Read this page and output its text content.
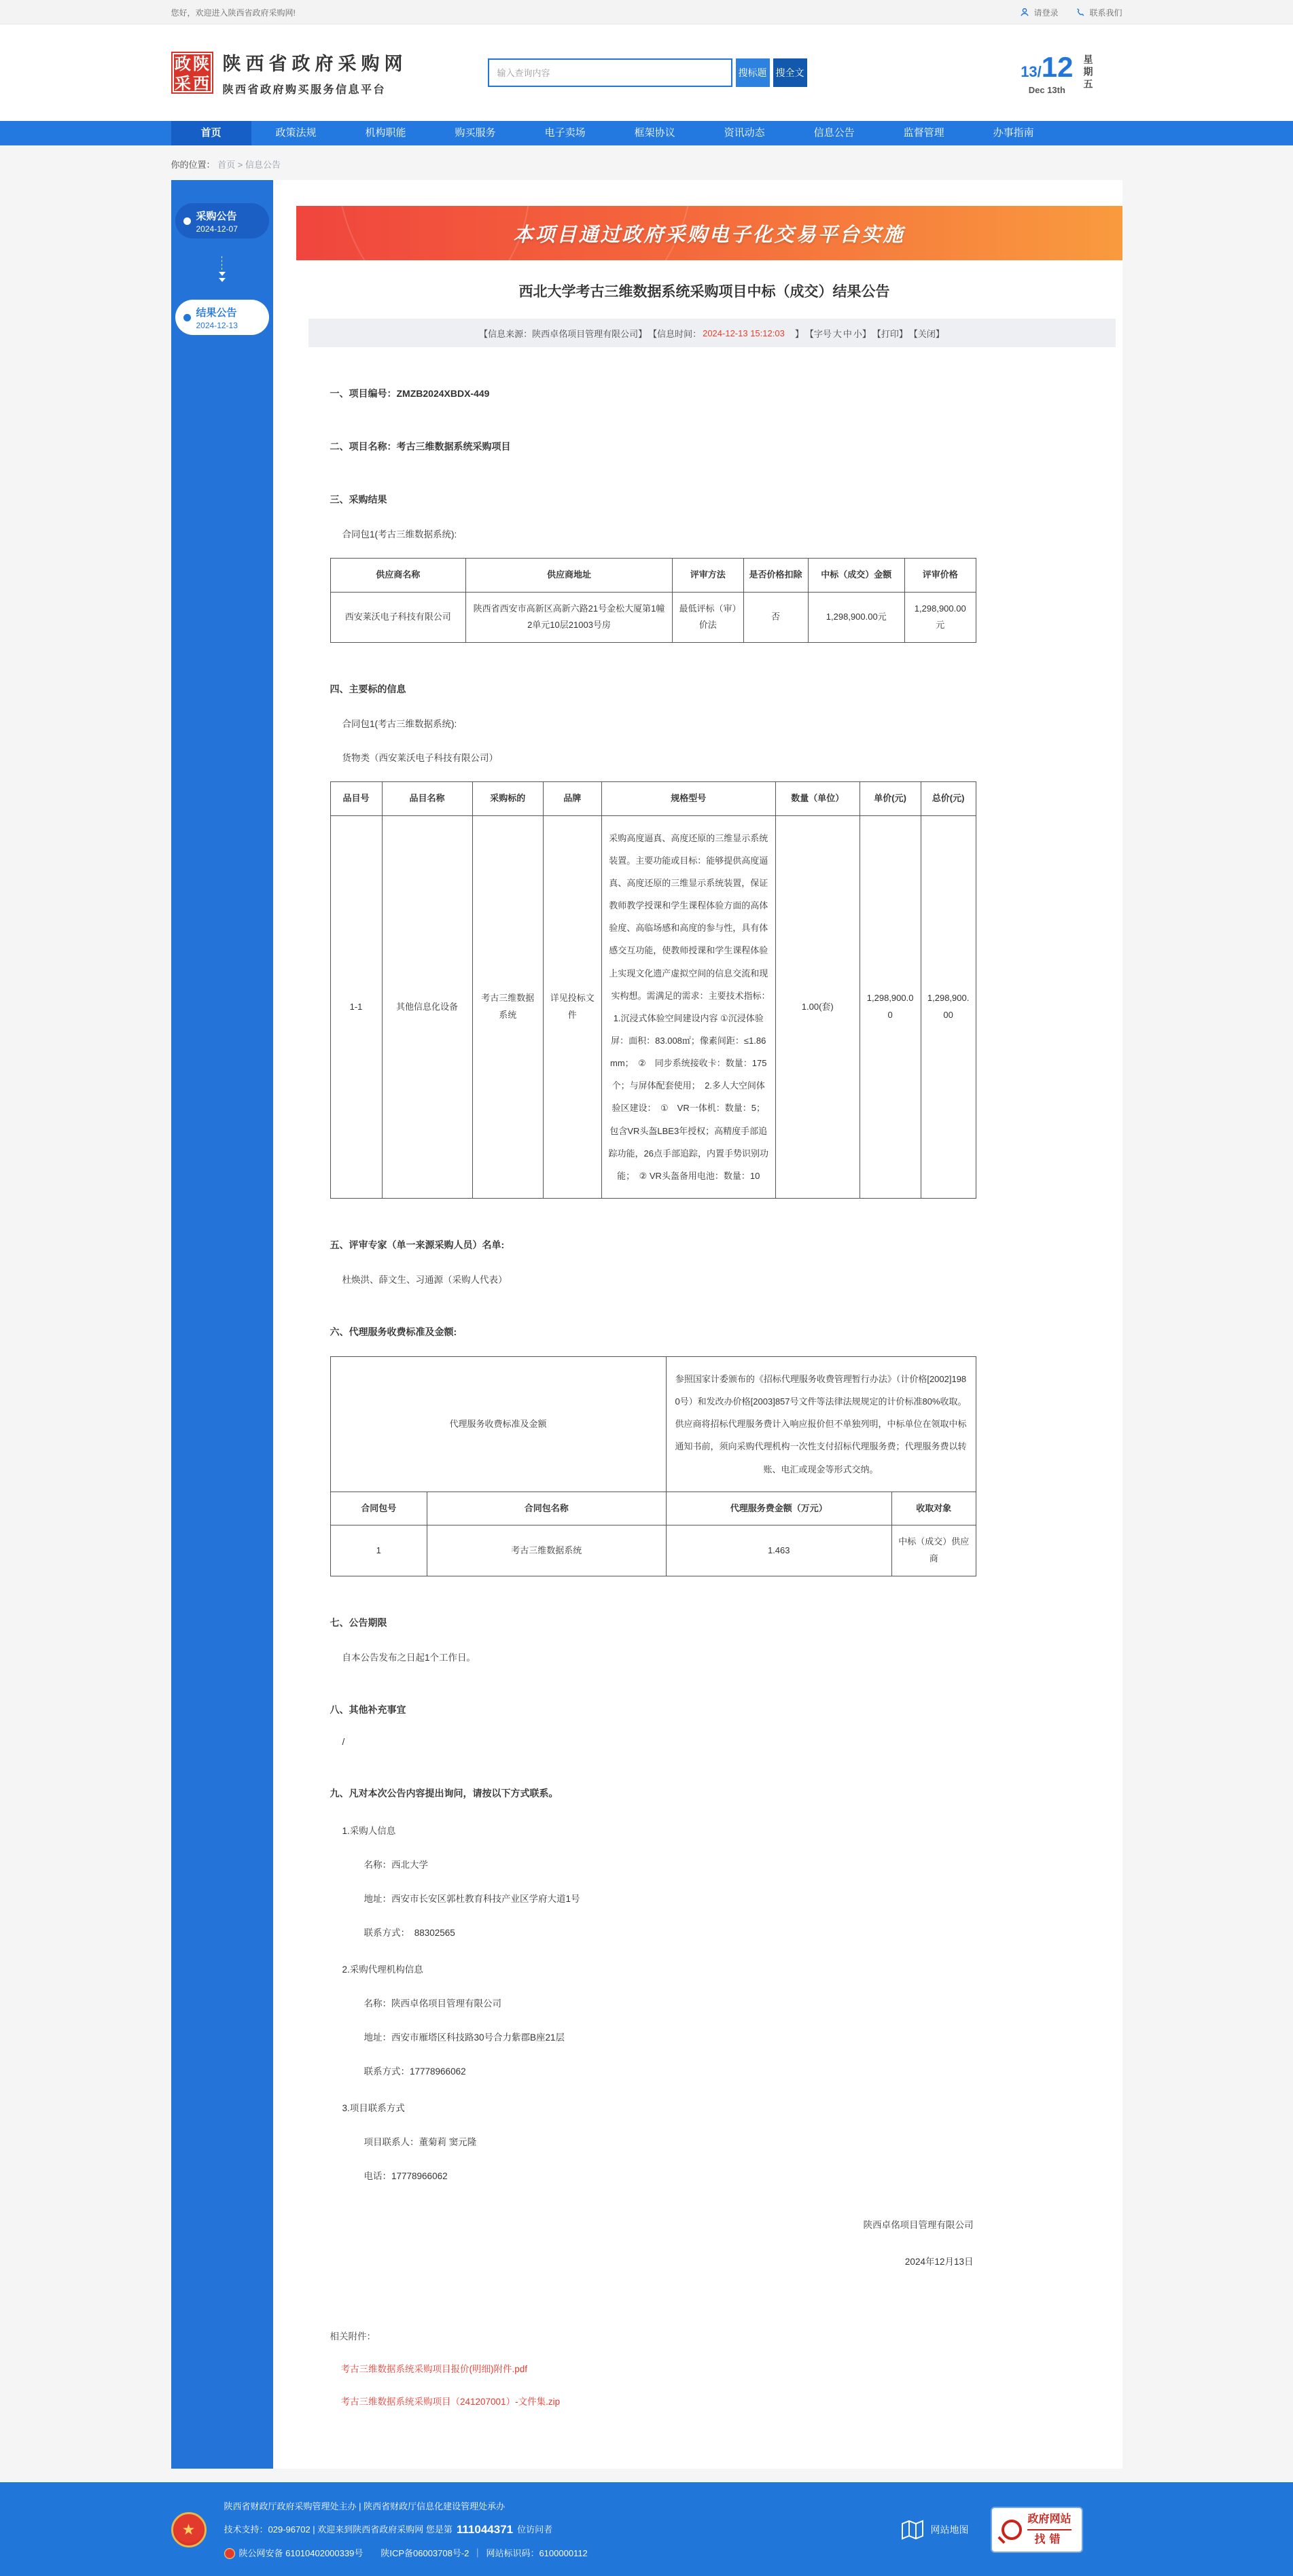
您好，欢迎进入陕西省政府采购网!	请登录	联系我们
政 陕
采 西
陕西省政府采购网
陕西省政府购买服务信息平台
输入查询内容
搜标题 搜全文	13/12
Dec 13th	星期五
首页	政策法规	机构职能	购买服务	电子卖场	框架协议	资讯动态	信息公告	监督管理	办事指南
你的位置： 首页 > 信息公告
采购公告
2024-12-07
结果公告
2024-12-13
本项目通过政府采购电子化交易平台实施
西北大学考古三维数据系统采购项目中标（成交）结果公告
【信息来源：陕西卓佲项目管理有限公司】 【信息时间： 2024-12-13 15:12:03 　】 【字号 大 中 小】 【打印】 【关闭】
一、项目编号：ZMZB2024XBDX-449
二、项目名称：考古三维数据系统采购项目
三、采购结果
合同包1(考古三维数据系统):
供应商名称	供应商地址	评审方法	是否价格扣除	中标（成交）金额	评审价格
西安莱沃电子科技有限公司	陕西省西安市高新区高新六路21号金松大厦第1幢2单元10层21003号房	最低评标（审）价法	否	1,298,900.00元	1,298,900.00元
四、主要标的信息
合同包1(考古三维数据系统):
货物类（西安莱沃电子科技有限公司）
品目号	品目名称	采购标的	品牌	规格型号	数量（单位）	单价(元)	总价(元)
1-1	其他信息化设备	考古三维数据系统	详见投标文件	采购高度逼真、高度还原的三维显示系统装置。主要功能或目标：能够提供高度逼真、高度还原的三维显示系统装置，保证教师教学授课和学生课程体验方面的高体验度、高临场感和高度的参与性，具有体感交互功能，使教师授课和学生课程体验上实现文化遗产虚拟空间的信息交流和现实构想。需满足的需求：主要技术指标：　1.沉浸式体验空间建设内容 ①沉浸体验屏：面积：83.008㎡；像素间距：≤1.86mm；　②　同步系统接收卡：数量：175个；与屏体配套使用；　2.多人大空间体验区建设：　①　VR一体机：数量：5；包含VR头盔LBE3年授权；高精度手部追踪功能，26点手部追踪，内置手势识别功能；　② VR头盔备用电池：数量：10	1.00(套)	1,298,900.00	1,298,900.00
五、评审专家（单一来源采购人员）名单:
杜焕洪、薛文生、习通源（采购人代表）
六、代理服务收费标准及金额:
代理服务收费标准及金额		参照国家计委颁布的《招标代理服务收费管理暂行办法》（计价格[2002]1980号）和发改办价格[2003]857号文件等法律法规规定的计价标准80%收取。供应商将招标代理服务费计入响应报价但不单独列明，中标单位在领取中标通知书前，须向采购代理机构一次性支付招标代理服务费；代理服务费以转账、电汇或现金等形式交纳。	
合同包号	合同包名称	代理服务费金额（万元）	收取对象
1	考古三维数据系统	1.463	中标（成交）供应商
七、公告期限
自本公告发布之日起1个工作日。
八、其他补充事宜
/
九、凡对本次公告内容提出询问，请按以下方式联系。
1.采购人信息
名称：西北大学
地址：西安市长安区郭杜教育科技产业区学府大道1号
联系方式：　88302565
2.采购代理机构信息
名称：陕西卓佲项目管理有限公司
地址：西安市雁塔区科技路30号合力紫郡B座21层
联系方式：17778966062
3.项目联系方式
项目联系人：董菊莉 窦元隆
电话：17778966062
陕西卓佲项目管理有限公司
2024年12月13日
相关附件：
考古三维数据系统采购项目报价(明细)附件.pdf
考古三维数据系统采购项目（241207001）-文件集.zip
★
陕西省财政厅政府采购管理处主办 | 陕西省财政厅信息化建设管理处承办
技术支持：029-96702 | 欢迎来到陕西省政府采购网 您是第 111044371 位访问者
陕公网安备 61010402000339号 陕ICP备06003708号-2 ｜ 网站标识码：6100000112
网站地图
政府网站
找错
